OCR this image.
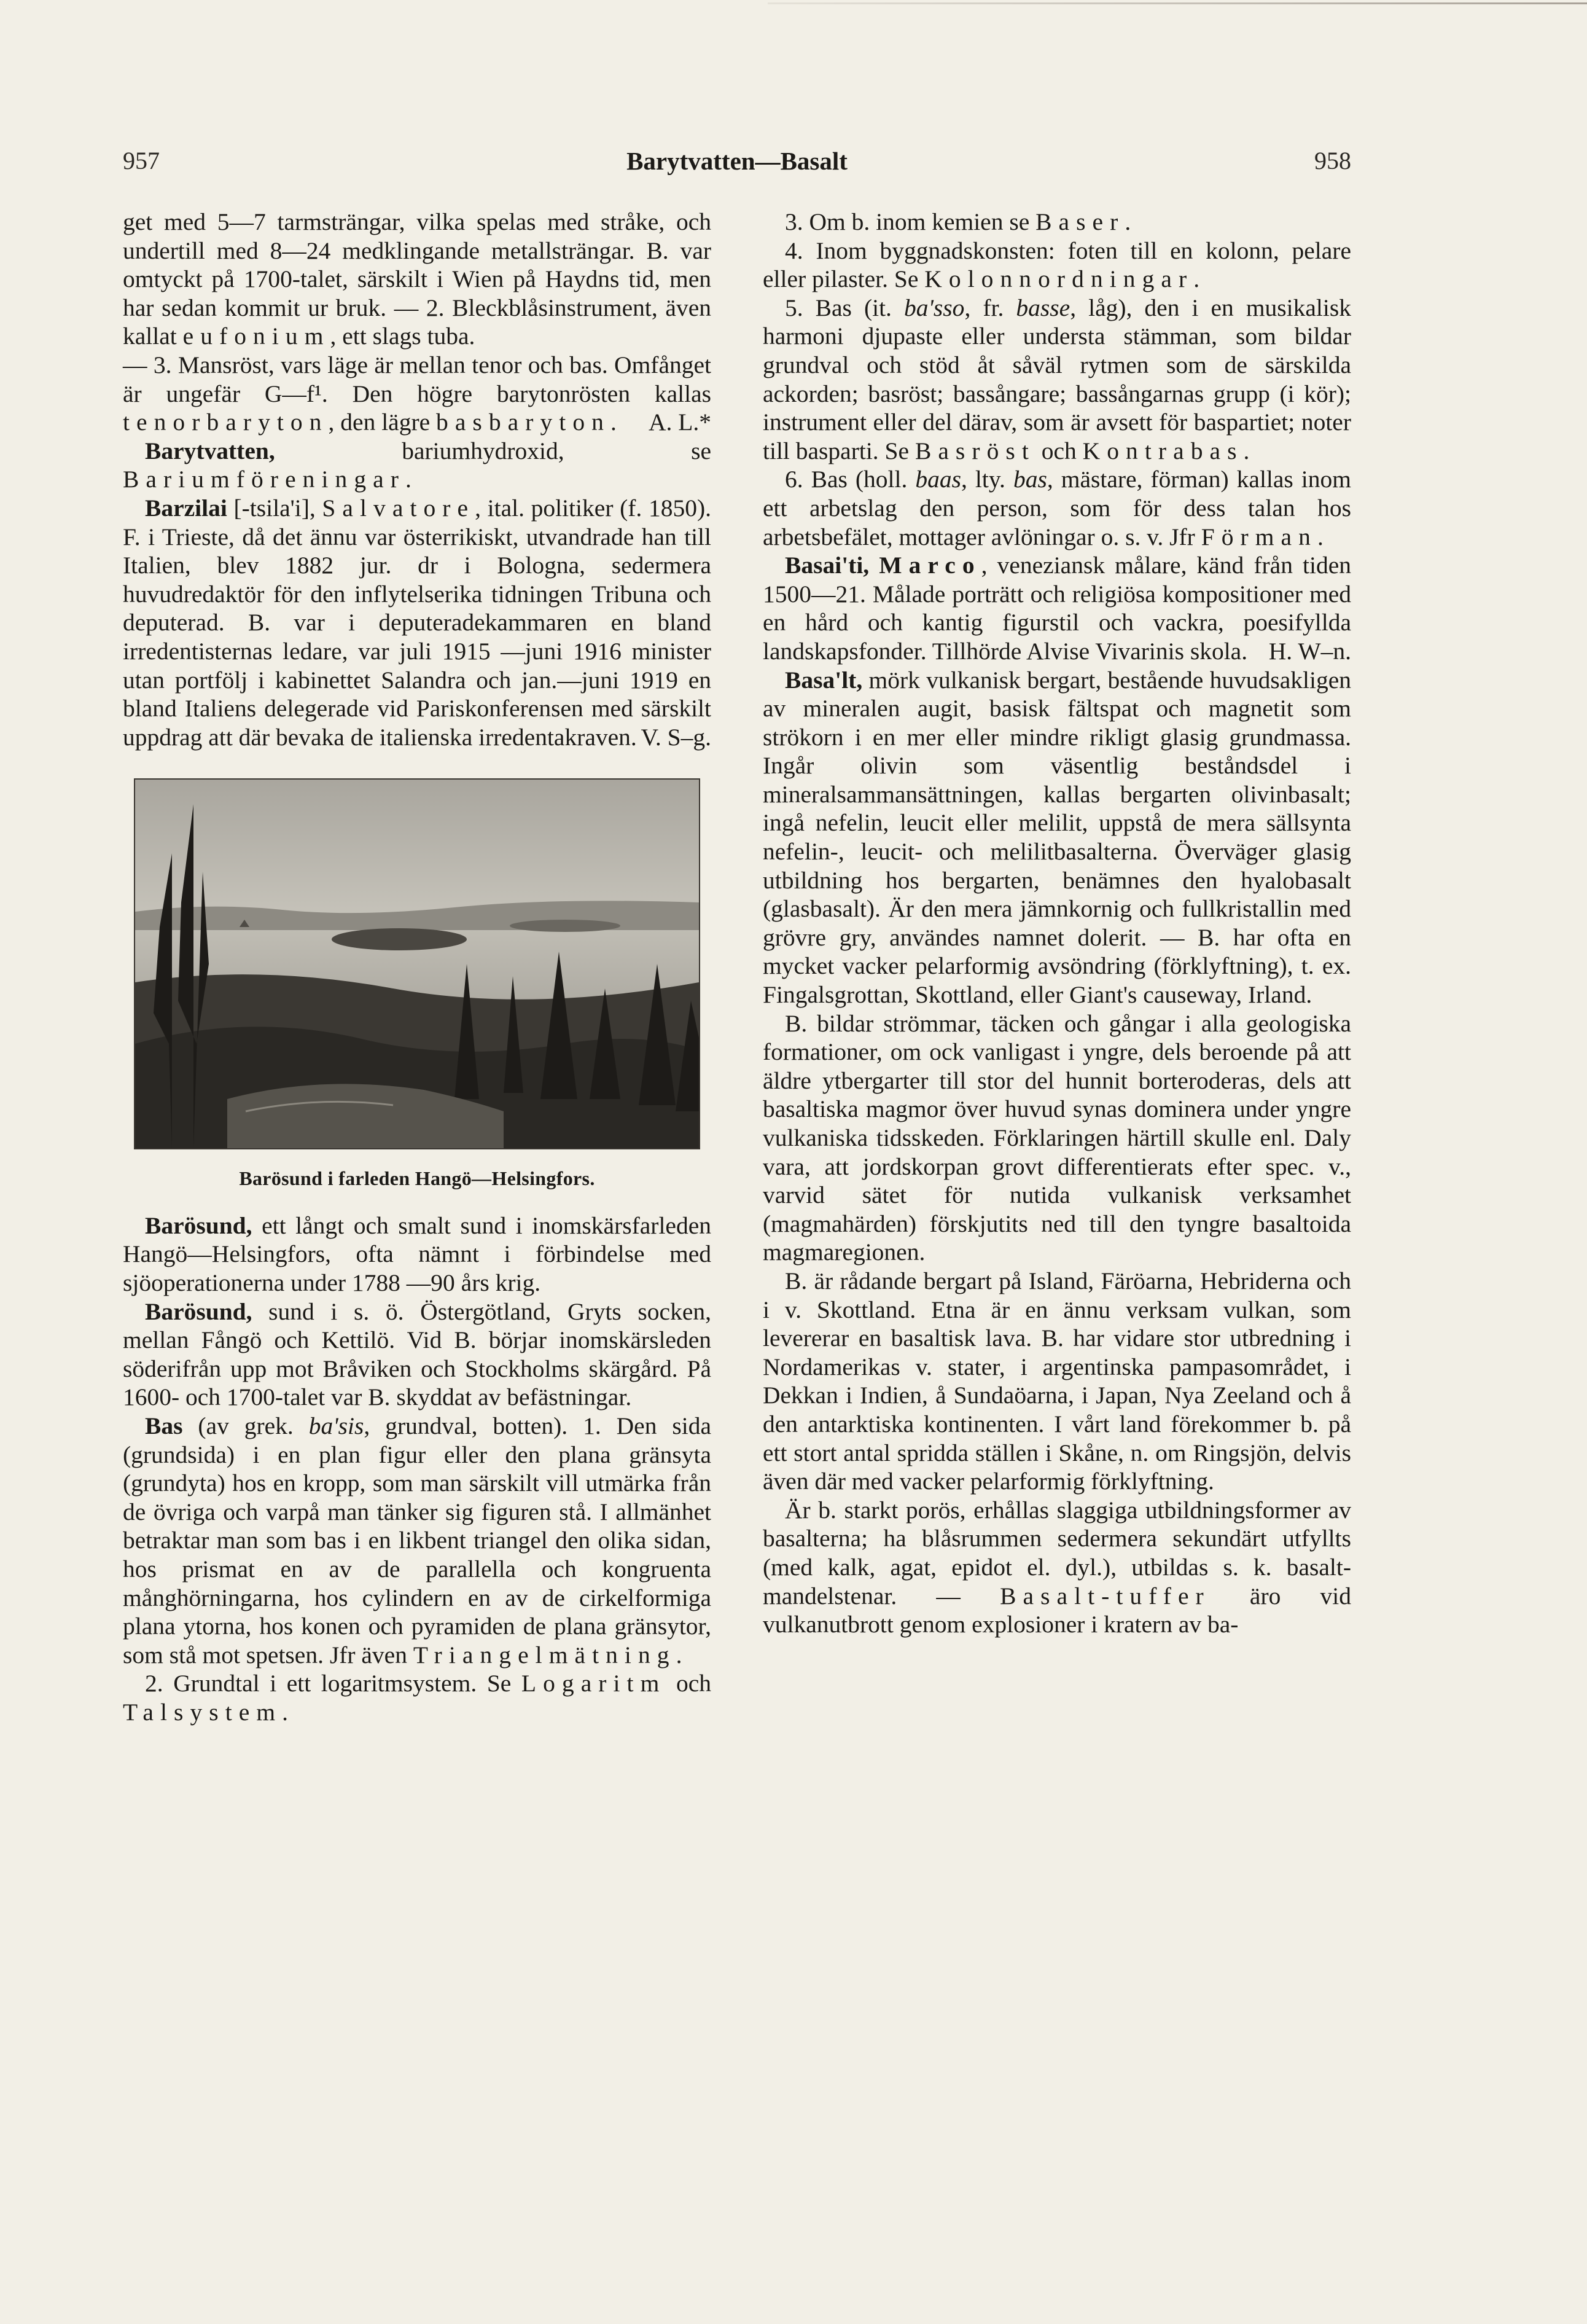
957	Barytvatten—Basalt	958

get med 5—7 tarmsträngar, vilka spelas med stråke, och undertill med 8—24 medklingande metallsträngar. B. var omtyckt på 1700-talet, särskilt i Wien på Haydns tid, men har sedan kommit ur bruk. — 2. Bleckblåsinstrument, även kallat eufonium, ett slags tuba.

— 3. Mansröst, vars läge är mellan tenor och bas. Omfånget är ungefär G—f¹. Den högre barytonrösten kallas tenorbaryton, den lägre basbaryton. A. L.*

Barytvatten, bariumhydroxid, se Bariumföreningar.

Barzilai [-tsila'i], Salvatore, ital. politiker (f. 1850). F. i Trieste, då det ännu var österrikiskt, utvandrade han till Italien, blev 1882 jur. dr i Bologna, sedermera huvudredaktör för den inflytelserika tidningen Tribuna och deputerad. B. var i deputeradekammaren en bland irredentisternas ledare, var juli 1915 —juni 1916 minister utan portfölj i kabinettet Salandra och jan.—juni 1919 en bland Italiens delegerade vid Pariskonferensen med särskilt uppdrag att där bevaka de italienska irredentakraven. V. S–g.

Barösund i farleden Hangö—Helsingfors.

Barösund, ett långt och smalt sund i inomskärsfarleden Hangö—Helsingfors, ofta nämnt i förbindelse med sjöoperationerna under 1788 —90 års krig.

Barösund, sund i s. ö. Östergötland, Gryts socken, mellan Fångö och Kettilö. Vid B. börjar inomskärsleden söderifrån upp mot Bråviken och Stockholms skärgård. På 1600- och 1700-talet var B. skyddat av befästningar.

Bas (av grek. ba'sis, grundval, botten). 1. Den sida (grundsida) i en plan figur eller den plana gränsyta (grundyta) hos en kropp, som man särskilt vill utmärka från de övriga och varpå man tänker sig figuren stå. I allmänhet betraktar man som bas i en likbent triangel den olika sidan, hos prismat en av de parallella och kongruenta månghörningarna, hos cylindern en av de cirkelformiga plana ytorna, hos konen och pyramiden de plana gränsytor, som stå mot spetsen. Jfr även Triangelmätning.

2. Grundtal i ett logaritmsystem. Se Logaritm och Talsystem.

3. Om b. inom kemien se Baser.

4. Inom byggnadskonsten: foten till en kolonn, pelare eller pilaster. Se Kolonnordningar.

5. Bas (it. ba'sso, fr. basse, låg), den i en musikalisk harmoni djupaste eller understa stämman, som bildar grundval och stöd åt såväl rytmen som de särskilda ackorden; basröst; bassångare; bassångarnas grupp (i kör); instrument eller del därav, som är avsett för baspartiet; noter till basparti. Se Basröst och Kontrabas.

6. Bas (holl. baas, lty. bas, mästare, förman) kallas inom ett arbetslag den person, som för dess talan hos arbetsbefälet, mottager avlöningar o. s. v. Jfr Förman.

Basai'ti, Marco, veneziansk målare, känd från tiden 1500—21. Målade porträtt och religiösa kompositioner med en hård och kantig figurstil och vackra, poesifyllda landskapsfonder. Tillhörde Alvise Vivarinis skola. H. W–n.

Basa'lt, mörk vulkanisk bergart, bestående huvudsakligen av mineralen augit, basisk fältspat och magnetit som strökorn i en mer eller mindre rikligt glasig grundmassa. Ingår olivin som väsentlig beståndsdel i mineralsammansättningen, kallas bergarten olivinbasalt; ingå nefelin, leucit eller melilit, uppstå de mera sällsynta nefelin-, leucit- och melilitbasalterna. Överväger glasig utbildning hos bergarten, benämnes den hyalobasalt (glasbasalt). Är den mera jämnkornig och fullkristallin med grövre gry, användes namnet dolerit. — B. har ofta en mycket vacker pelarformig avsöndring (förklyftning), t. ex. Fingalsgrottan, Skottland, eller Giant's causeway, Irland.

B. bildar strömmar, täcken och gångar i alla geologiska formationer, om ock vanligast i yngre, dels beroende på att äldre ytbergarter till stor del hunnit borteroderas, dels att basaltiska magmor över huvud synas dominera under yngre vulkaniska tidsskeden. Förklaringen härtill skulle enl. Daly vara, att jordskorpan grovt differentierats efter spec. v., varvid sätet för nutida vulkanisk verksamhet (magmahärden) förskjutits ned till den tyngre basaltoida magmaregionen.

B. är rådande bergart på Island, Färöarna, Hebriderna och i v. Skottland. Etna är en ännu verksam vulkan, som levererar en basaltisk lava. B. har vidare stor utbredning i Nordamerikas v. stater, i argentinska pampasområdet, i Dekkan i Indien, å Sundaöarna, i Japan, Nya Zeeland och å den antarktiska kontinenten. I vårt land förekommer b. på ett stort antal spridda ställen i Skåne, n. om Ringsjön, delvis även där med vacker pelarformig förklyftning.

Är b. starkt porös, erhållas slaggiga utbildningsformer av basalterna; ha blåsrummen sedermera sekundärt utfyllts (med kalk, agat, epidot el. dyl.), utbildas s. k. basalt-mandelstenar. — Basalt-tuffer äro vid vulkanutbrott genom explosioner i kratern av ba-
